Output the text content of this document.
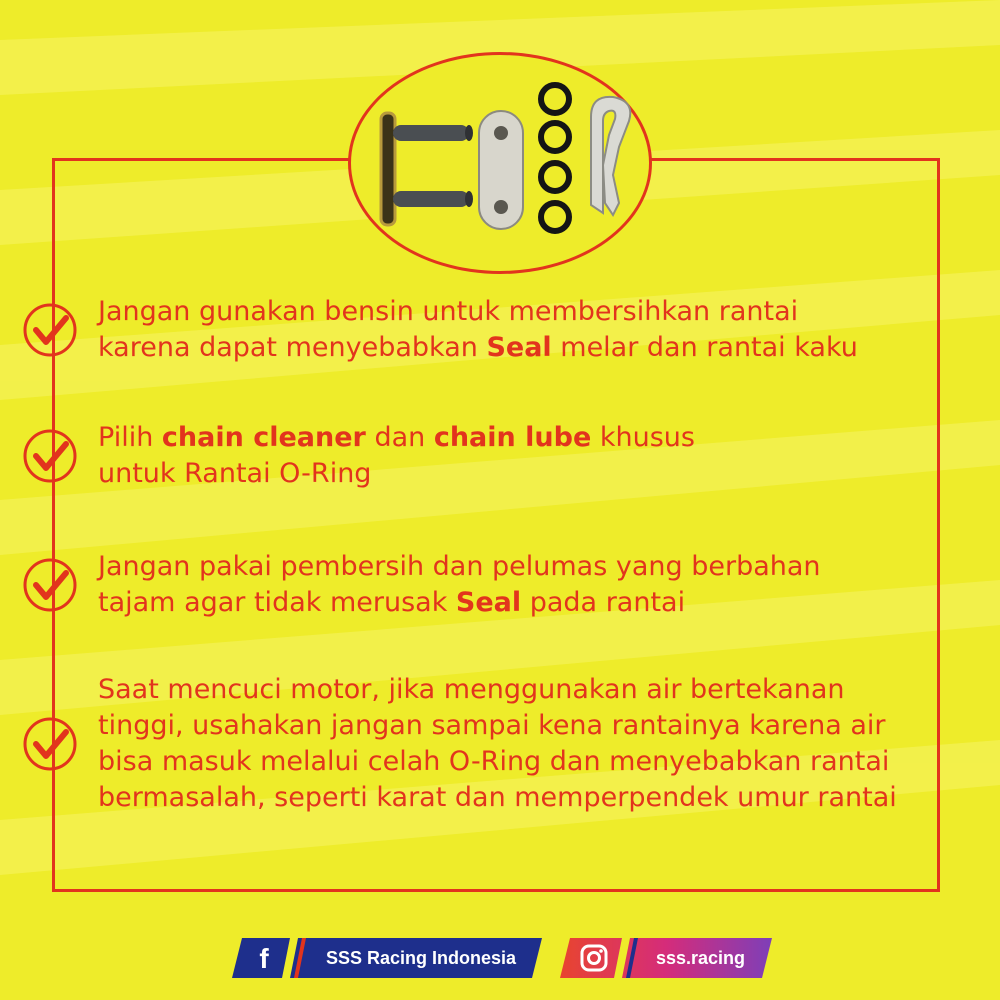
Jangan gunakan bensin untuk membersihkan rantai
karena dapat menyebabkan Seal melar dan rantai kaku
Pilih chain cleaner dan chain lube khusus
untuk Rantai O-Ring
Jangan pakai pembersih dan pelumas yang berbahan
tajam agar tidak merusak Seal pada rantai
Saat mencuci motor, jika menggunakan air bertekanan
tinggi, usahakan jangan sampai kena rantainya karena air
bisa masuk melalui celah O-Ring dan menyebabkan rantai
bermasalah, seperti karat dan memperpendek umur rantai
f	SSS Racing Indonesia	sss.racing
